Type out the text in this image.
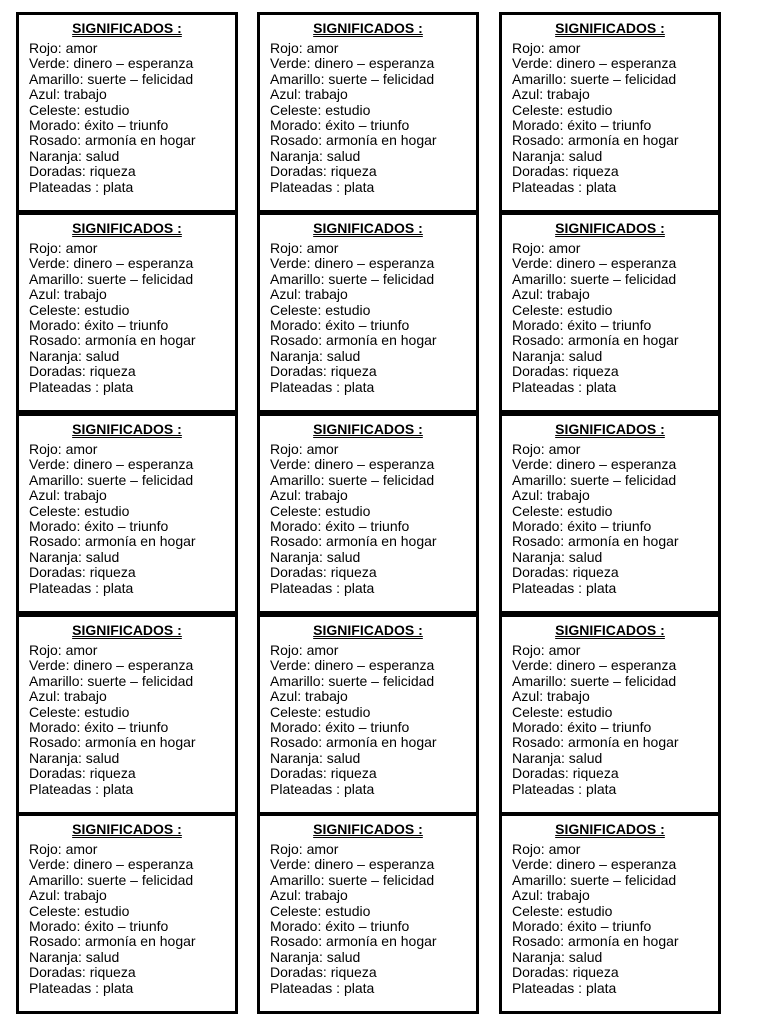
SIGNIFICADOS :
Rojo: amor
Verde: dinero – esperanza
Amarillo: suerte – felicidad
Azul: trabajo
Celeste: estudio
Morado: éxito – triunfo
Rosado: armonía en hogar
Naranja: salud
Doradas: riqueza
Plateadas : plata
SIGNIFICADOS :
Rojo: amor
Verde: dinero – esperanza
Amarillo: suerte – felicidad
Azul: trabajo
Celeste: estudio
Morado: éxito – triunfo
Rosado: armonía en hogar
Naranja: salud
Doradas: riqueza
Plateadas : plata
SIGNIFICADOS :
Rojo: amor
Verde: dinero – esperanza
Amarillo: suerte – felicidad
Azul: trabajo
Celeste: estudio
Morado: éxito – triunfo
Rosado: armonía en hogar
Naranja: salud
Doradas: riqueza
Plateadas : plata
SIGNIFICADOS :
Rojo: amor
Verde: dinero – esperanza
Amarillo: suerte – felicidad
Azul: trabajo
Celeste: estudio
Morado: éxito – triunfo
Rosado: armonía en hogar
Naranja: salud
Doradas: riqueza
Plateadas : plata
SIGNIFICADOS :
Rojo: amor
Verde: dinero – esperanza
Amarillo: suerte – felicidad
Azul: trabajo
Celeste: estudio
Morado: éxito – triunfo
Rosado: armonía en hogar
Naranja: salud
Doradas: riqueza
Plateadas : plata
SIGNIFICADOS :
Rojo: amor
Verde: dinero – esperanza
Amarillo: suerte – felicidad
Azul: trabajo
Celeste: estudio
Morado: éxito – triunfo
Rosado: armonía en hogar
Naranja: salud
Doradas: riqueza
Plateadas : plata
SIGNIFICADOS :
Rojo: amor
Verde: dinero – esperanza
Amarillo: suerte – felicidad
Azul: trabajo
Celeste: estudio
Morado: éxito – triunfo
Rosado: armonía en hogar
Naranja: salud
Doradas: riqueza
Plateadas : plata
SIGNIFICADOS :
Rojo: amor
Verde: dinero – esperanza
Amarillo: suerte – felicidad
Azul: trabajo
Celeste: estudio
Morado: éxito – triunfo
Rosado: armonía en hogar
Naranja: salud
Doradas: riqueza
Plateadas : plata
SIGNIFICADOS :
Rojo: amor
Verde: dinero – esperanza
Amarillo: suerte – felicidad
Azul: trabajo
Celeste: estudio
Morado: éxito – triunfo
Rosado: armonía en hogar
Naranja: salud
Doradas: riqueza
Plateadas : plata
SIGNIFICADOS :
Rojo: amor
Verde: dinero – esperanza
Amarillo: suerte – felicidad
Azul: trabajo
Celeste: estudio
Morado: éxito – triunfo
Rosado: armonía en hogar
Naranja: salud
Doradas: riqueza
Plateadas : plata
SIGNIFICADOS :
Rojo: amor
Verde: dinero – esperanza
Amarillo: suerte – felicidad
Azul: trabajo
Celeste: estudio
Morado: éxito – triunfo
Rosado: armonía en hogar
Naranja: salud
Doradas: riqueza
Plateadas : plata
SIGNIFICADOS :
Rojo: amor
Verde: dinero – esperanza
Amarillo: suerte – felicidad
Azul: trabajo
Celeste: estudio
Morado: éxito – triunfo
Rosado: armonía en hogar
Naranja: salud
Doradas: riqueza
Plateadas : plata
SIGNIFICADOS :
Rojo: amor
Verde: dinero – esperanza
Amarillo: suerte – felicidad
Azul: trabajo
Celeste: estudio
Morado: éxito – triunfo
Rosado: armonía en hogar
Naranja: salud
Doradas: riqueza
Plateadas : plata
SIGNIFICADOS :
Rojo: amor
Verde: dinero – esperanza
Amarillo: suerte – felicidad
Azul: trabajo
Celeste: estudio
Morado: éxito – triunfo
Rosado: armonía en hogar
Naranja: salud
Doradas: riqueza
Plateadas : plata
SIGNIFICADOS :
Rojo: amor
Verde: dinero – esperanza
Amarillo: suerte – felicidad
Azul: trabajo
Celeste: estudio
Morado: éxito – triunfo
Rosado: armonía en hogar
Naranja: salud
Doradas: riqueza
Plateadas : plata
